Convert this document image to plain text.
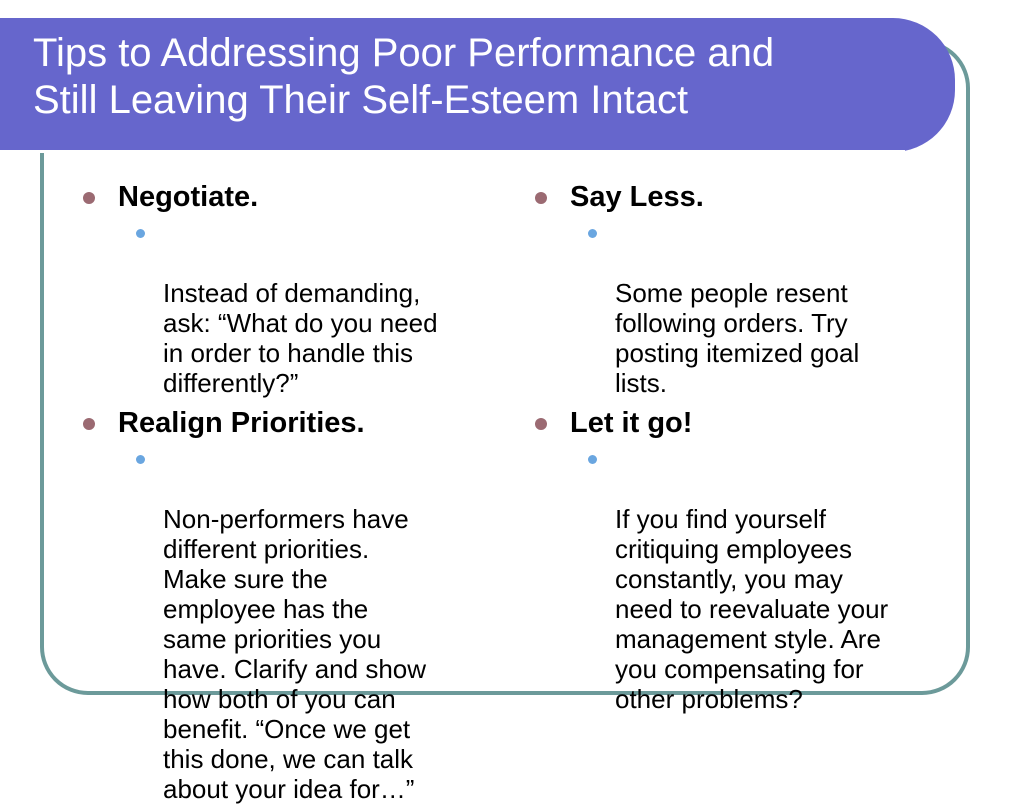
Tips to Addressing Poor Performance and
Still Leaving Their Self-Esteem Intact
Negotiate.

Instead of demanding,
ask: “What do you need
in order to handle this
differently?”

Realign Priorities.

Non-performers have
different priorities.
Make sure the
employee has the
same priorities you
have. Clarify and show
how both of you can
benefit. “Once we get
this done, we can talk
about your idea for…”

Say Less.

Some people resent
following orders. Try
posting itemized goal
lists.

Let it go!

If you find yourself
critiquing employees
constantly, you may
need to reevaluate your
management style. Are
you compensating for
other problems?
